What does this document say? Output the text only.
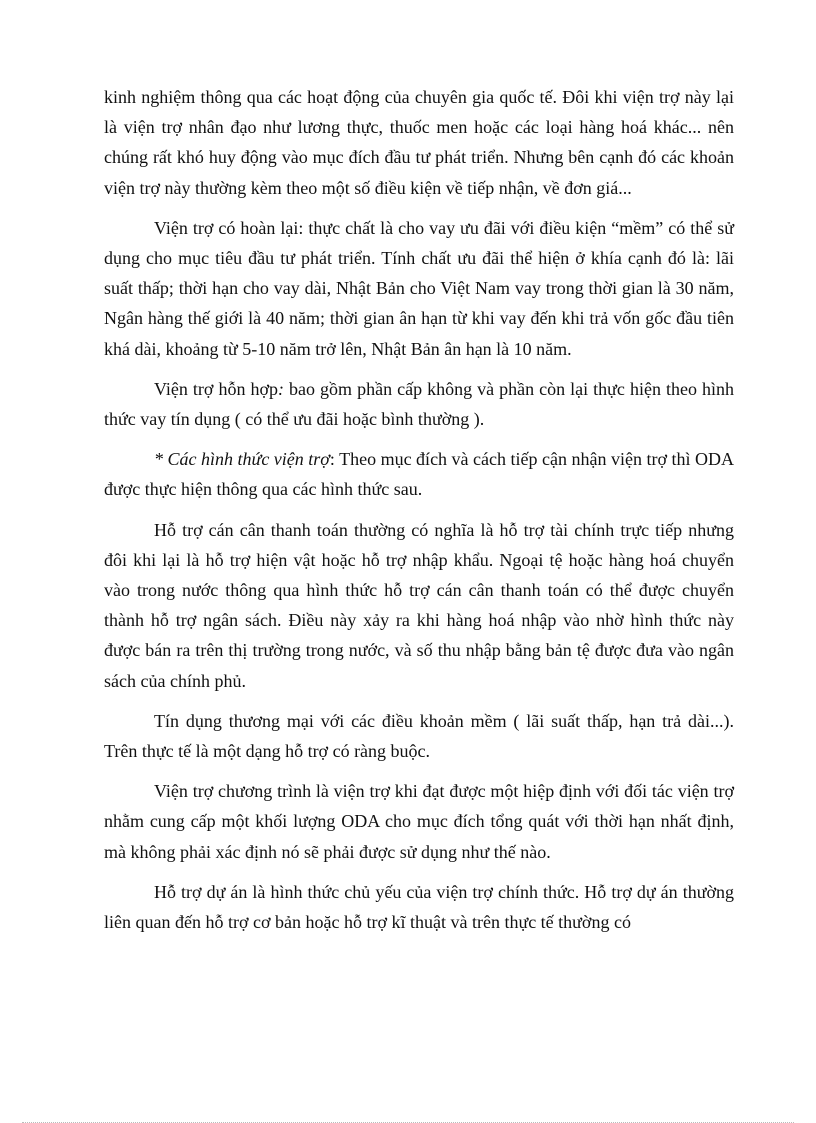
kinh nghiệm thông qua các hoạt động của chuyên gia quốc tế. Đôi khi viện trợ này lại là viện trợ nhân đạo như lương thực, thuốc men hoặc các loại hàng hoá khác... nên chúng rất khó huy động vào mục đích đầu tư phát triển. Nhưng bên cạnh đó các khoản viện trợ này thường kèm theo một số điều kiện về tiếp nhận, về đơn giá...

Viện trợ có hoàn lại: thực chất là cho vay ưu đãi với điều kiện “mềm” có thể sử dụng cho mục tiêu đầu tư phát triển. Tính chất ưu đãi thể hiện ở khía cạnh đó là: lãi suất thấp; thời hạn cho vay dài, Nhật Bản cho Việt Nam vay trong thời gian là 30 năm, Ngân hàng thế giới là 40 năm; thời gian ân hạn từ khi vay đến khi trả vốn gốc đầu tiên khá dài, khoảng từ 5-10 năm trở lên, Nhật Bản ân hạn là 10 năm.

Viện trợ hỗn hợp: bao gồm phần cấp không và phần còn lại thực hiện theo hình thức vay tín dụng ( có thể ưu đãi hoặc bình thường ).

* Các hình thức viện trợ: Theo mục đích và cách tiếp cận nhận viện trợ thì ODA được thực hiện thông qua các hình thức sau.

Hỗ trợ cán cân thanh toán thường có nghĩa là hỗ trợ tài chính trực tiếp nhưng đôi khi lại là hỗ trợ hiện vật hoặc hỗ trợ nhập khẩu. Ngoại tệ hoặc hàng hoá chuyển vào trong nước thông qua hình thức hỗ trợ cán cân thanh toán có thể được chuyển thành hỗ trợ ngân sách. Điều này xảy ra khi hàng hoá nhập vào nhờ hình thức này được bán ra trên thị trường trong nước, và số thu nhập bằng bản tệ được đưa vào ngân sách của chính phủ.

Tín dụng thương mại với các điều khoản mềm ( lãi suất thấp, hạn trả dài...). Trên thực tế là một dạng hỗ trợ có ràng buộc.

Viện trợ chương trình là viện trợ khi đạt được một hiệp định với đối tác viện trợ nhằm cung cấp một khối lượng ODA cho mục đích tổng quát với thời hạn nhất định, mà không phải xác định nó sẽ phải được sử dụng như thế nào.

Hỗ trợ dự án là hình thức chủ yếu của viện trợ chính thức. Hỗ trợ dự án thường liên quan đến hỗ trợ cơ bản hoặc hỗ trợ kĩ thuật và trên thực tế thường có
